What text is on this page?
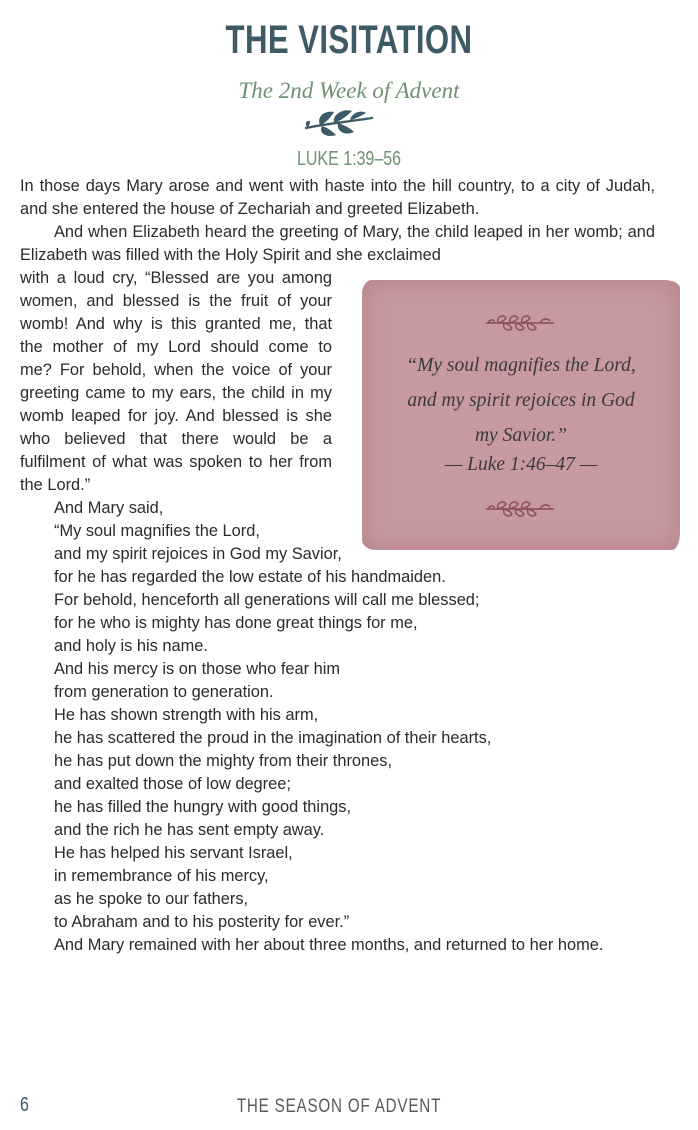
THE VISITATION

The 2nd Week of Advent

LUKE 1:39–56

In those days Mary arose and went with haste into the hill country, to a city of Judah, and she entered the house of Zechariah and greeted Elizabeth.

And when Elizabeth heard the greeting of Mary, the child leaped in her womb; and Elizabeth was filled with the Holy Spirit and she exclaimed

with a loud cry, “Blessed are you among women, and blessed is the fruit of your womb! And why is this granted me, that the mother of my Lord should come to me? For behold, when the voice of your greeting came to my ears, the child in my womb leaped for joy. And blessed is she who believed that there would be a fulfilment of what was spoken to her from the Lord.”

And Mary said,

“My soul magnifies the Lord,

and my spirit rejoices in God my Savior,

for he has regarded the low estate of his handmaiden.

For behold, henceforth all generations will call me blessed;

for he who is mighty has done great things for me,

and holy is his name.

And his mercy is on those who fear him

from generation to generation.

He has shown strength with his arm,

he has scattered the proud in the imagination of their hearts,

he has put down the mighty from their thrones,

and exalted those of low degree;

he has filled the hungry with good things,

and the rich he has sent empty away.

He has helped his servant Israel,

in remembrance of his mercy,

as he spoke to our fathers,

to Abraham and to his posterity for ever.”

And Mary remained with her about three months, and returned to her home.

“My soul magnifies the Lord,
and my spirit rejoices in God
my Savior.”

— Luke 1:46–47 —

6	THE SEASON OF ADVENT
